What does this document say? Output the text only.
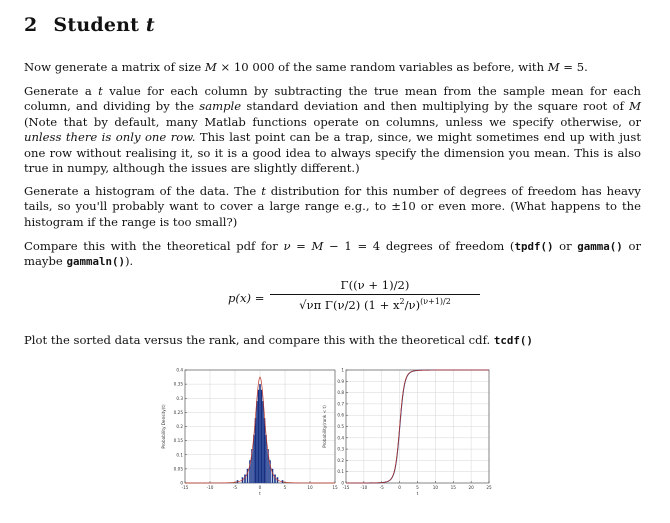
2 Student t
Now generate a matrix of size M × 10 000 of the same random variables as before, with M = 5.
Generate a t value for each column by subtracting the true mean from the sample mean for each column, and dividing by the sample standard deviation and then multiplying by the square root of M (Note that by default, many Matlab functions operate on columns, unless we specify otherwise, or unless there is only one row. This last point can be a trap, since, we might sometimes end up with just one row without realising it, so it is a good idea to always specify the dimension you mean. This is also true in numpy, although the issues are slightly different.)
Generate a histogram of the data. The t distribution for this number of degrees of freedom has heavy tails, so you'll probably want to cover a large range e.g., to ±10 or even more. (What happens to the histogram if the range is too small?)
Compare this with the theoretical pdf for ν = M − 1 = 4 degrees of freedom (tpdf() or gamma() or maybe gammaln()).
$p(x) = \frac{\Gamma((\nu + 1)/2)}{√\nu\pi \Gamma(\nu/2) (1 + x^2/\nu)^{(\nu+1)/2}}$
Plot the sorted data versus the rank, and compare this with the theoretical cdf. tcdf()
-15	-10	-5	0	5	10	15
0
0.05
0.1
0.15
0.2
0.25
0.3
0.35
0.4
t
Probability Density(t)
-15	-10	-5	0	5	10	15	20	25
0
0.1
0.2
0.3
0.4
0.5
0.6
0.7
0.8
0.9
1
t
Probability(rank < t)
